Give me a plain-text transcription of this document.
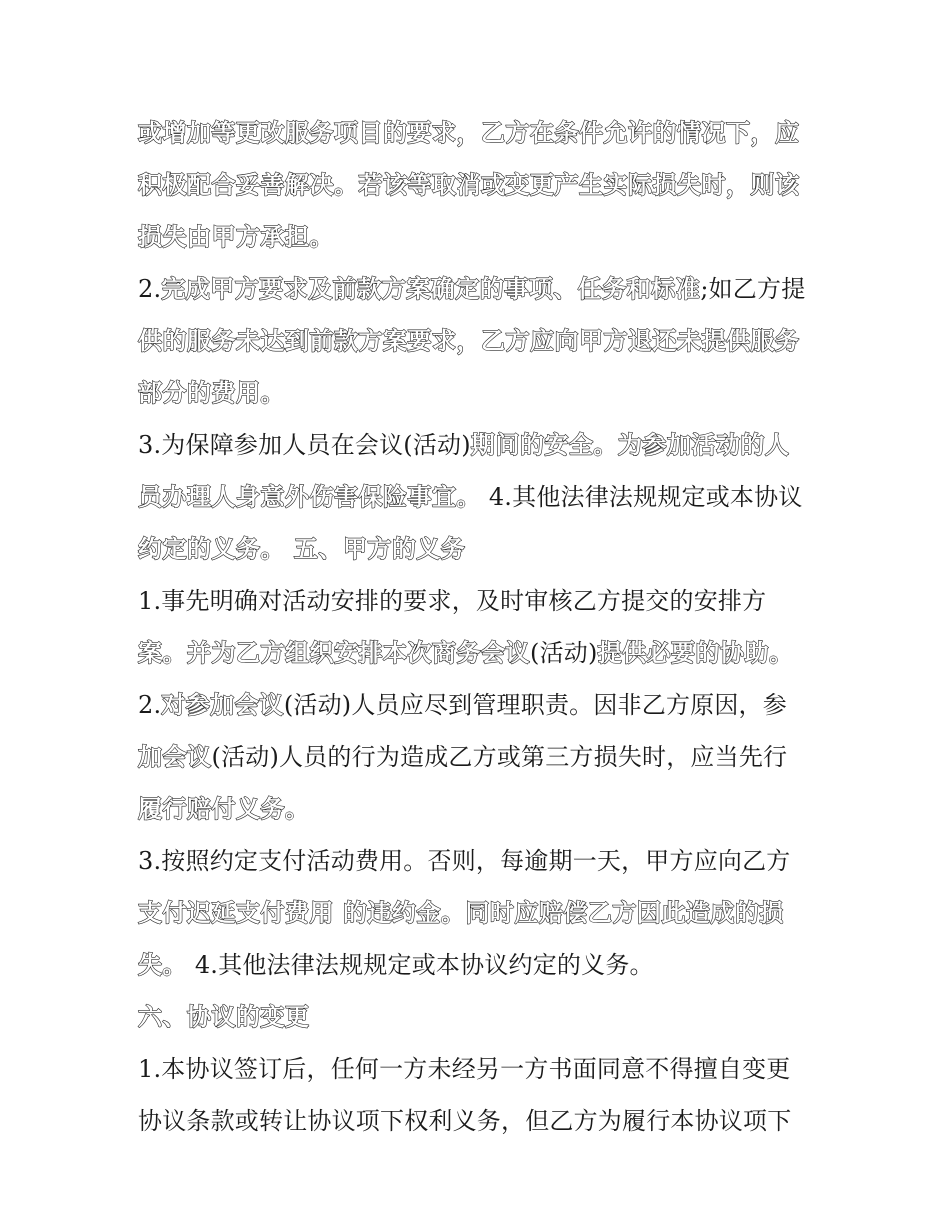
或增加等更改服务项目的要求，乙方在条件允许的情况下，应
积极配合妥善解决。若该等取消或变更产生实际损失时，则该
损失由甲方承担。
2.完成甲方要求及前款方案确定的事项、任务和标准;如乙方提
供的服务未达到前款方案要求，乙方应向甲方退还未提供服务
部分的费用。
3.为保障参加人员在会议(活动)期间的安全。为参加活动的人
员办理人身意外伤害保险事宜。 4.其他法律法规规定或本协议
约定的义务。 五、甲方的义务
1.事先明确对活动安排的要求，及时审核乙方提交的安排方
案。并为乙方组织安排本次商务会议(活动)提供必要的协助。
2.对参加会议(活动)人员应尽到管理职责。因非乙方原因，参
加会议(活动)人员的行为造成乙方或第三方损失时，应当先行
履行赔付义务。
3.按照约定支付活动费用。否则，每逾期一天，甲方应向乙方
支付迟延支付费用 的违约金。同时应赔偿乙方因此造成的损
失。 4.其他法律法规规定或本协议约定的义务。
六、协议的变更
1.本协议签订后，任何一方未经另一方书面同意不得擅自变更
协议条款或转让协议项下权利义务，但乙方为履行本协议项下
